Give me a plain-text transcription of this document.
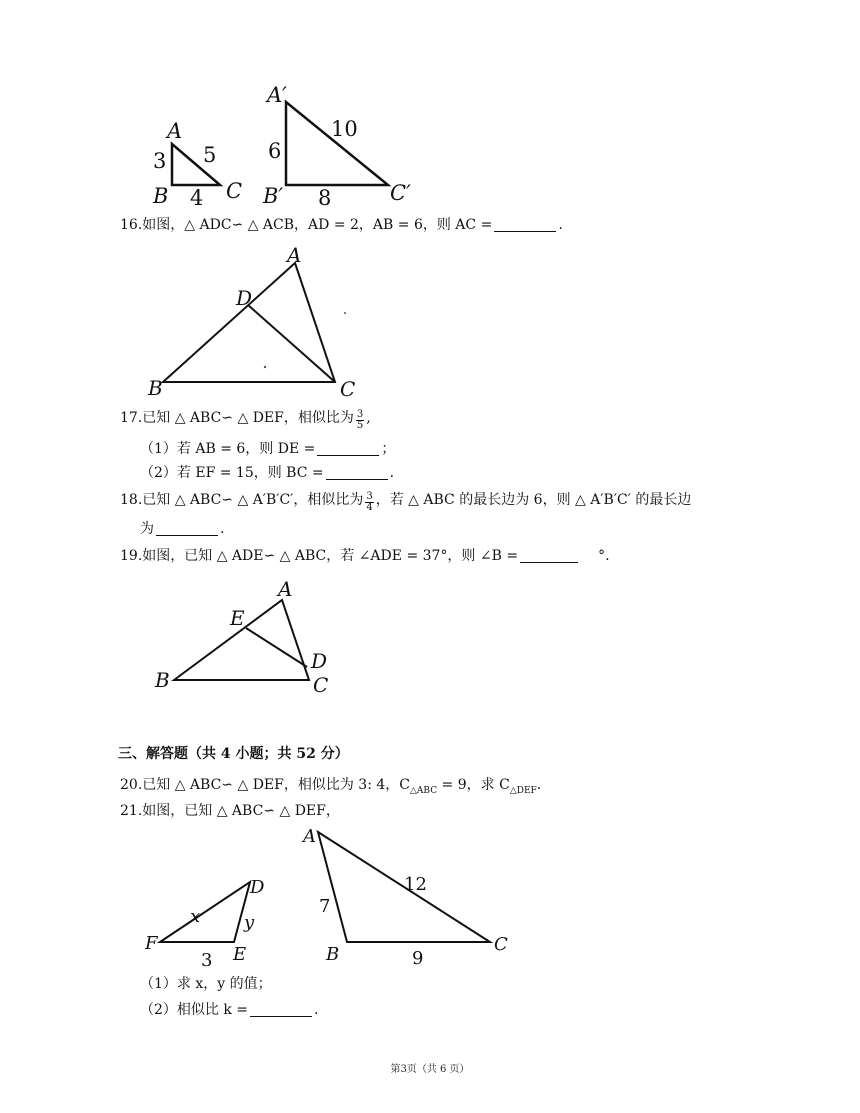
A
3 5
B 4 C
A′
6
10
B′ 8	C′
16.如图，△ ADC∽ △ ACB，AD = 2，AB = 6，则 AC =	.
A
D
B	C
17.已知 △ ABC∽ △ DEF，相似比为 $\frac{3}{5}$ ,
（1）若 AB = 6，则 DE =	；
（2）若 EF = 15，则 BC =	.
18.已知 △ ABC∽ △ A′B′C′，相似比为 $\frac{3}{4}$ ，若 △ ABC 的最长边为 6，则 △ A′B′C′ 的最长边
为	.
19.如图，已知 △ ADE∽ △ ABC，若 ∠ADE = 37°，则 ∠B =	°.
A
E
D
B	C
三、解答题（共 4 小题；共 52 分）
20.已知 △ ABC∽ △ DEF，相似比为 3: 4，$C_{\triangle ABC} = 9$，求 $C_{\triangle DEF}$.
21.如图，已知 △ ABC∽ △ DEF，
D
x y
F
E
3
A
7
12
B	9
C
（1）求 x，y 的值；
（2）相似比 k =	.
第3页（共 6 页）
